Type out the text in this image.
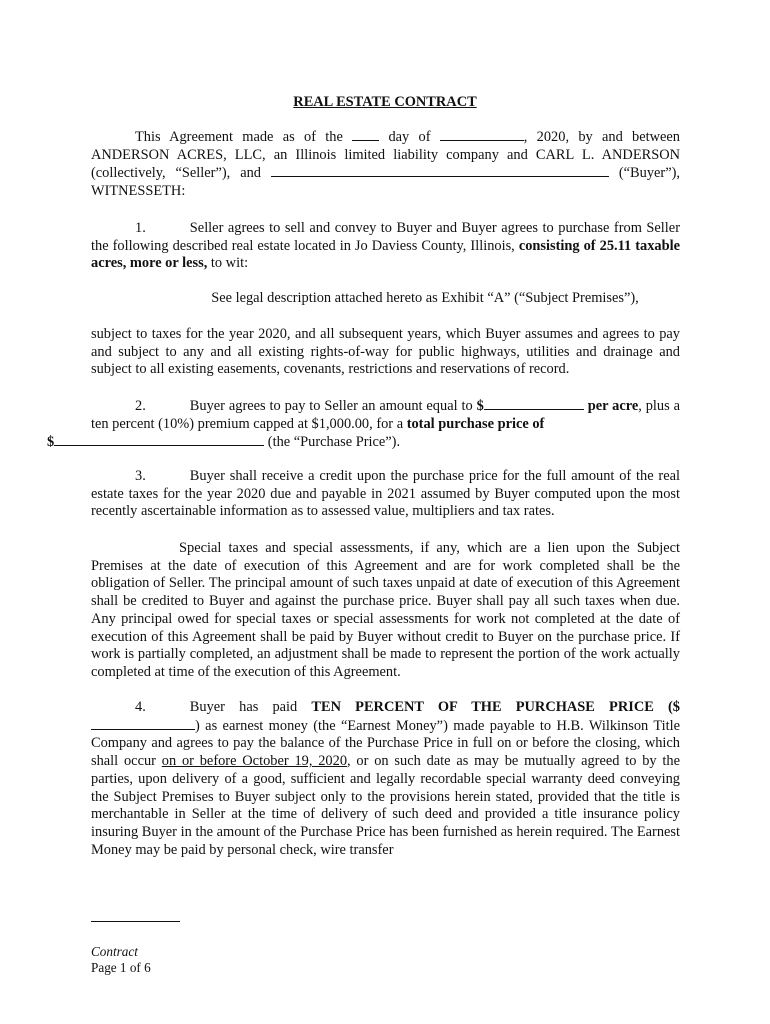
REAL ESTATE CONTRACT
This Agreement made as of the  day of	, 2020, by and between ANDERSON ACRES, LLC, an Illinois limited liability company and CARL L. ANDERSON (collectively, “Seller”), and	(“Buyer”), WITNESSETH:
1.	Seller agrees to sell and convey to Buyer and Buyer agrees to purchase from Seller the following described real estate located in Jo Daviess County, Illinois, consisting of 25.11 taxable acres, more or less, to wit:
See legal description attached hereto as Exhibit “A” (“Subject Premises”),
subject to taxes for the year 2020, and all subsequent years, which Buyer assumes and agrees to pay and subject to any and all existing rights-of-way for public highways, utilities and drainage and subject to all existing easements, covenants, restrictions and reservations of record.
2.	Buyer agrees to pay to Seller an amount equal to $	per acre, plus a ten percent (10%) premium capped at $1,000.00, for a total purchase price of
$	(the “Purchase Price”).
3.	Buyer shall receive a credit upon the purchase price for the full amount of the real estate taxes for the year 2020 due and payable in 2021 assumed by Buyer computed upon the most recently ascertainable information as to assessed value, multipliers and tax rates.
Special taxes and special assessments, if any, which are a lien upon the Subject Premises at the date of execution of this Agreement and are for work completed shall be the obligation of Seller. The principal amount of such taxes unpaid at date of execution of this Agreement shall be credited to Buyer and against the purchase price. Buyer shall pay all such taxes when due. Any principal owed for special taxes or special assessments for work not completed at the date of execution of this Agreement shall be paid by Buyer without credit to Buyer on the purchase price. If work is partially completed, an adjustment shall be made to represent the portion of the work actually completed at time of the execution of this Agreement.
4.	Buyer has paid TEN PERCENT OF THE PURCHASE PRICE ($) as earnest money (the “Earnest Money”) made payable to H.B. Wilkinson Title Company and agrees to pay the balance of the Purchase Price in full on or before the closing, which shall occur on or before October 19, 2020, or on such date as may be mutually agreed to by the parties, upon delivery of a good, sufficient and legally recordable special warranty deed conveying the Subject Premises to Buyer subject only to the provisions herein stated, provided that the title is merchantable in Seller at the time of delivery of such deed and provided a title insurance policy insuring Buyer in the amount of the Purchase Price has been furnished as herein required. The Earnest Money may be paid by personal check, wire transfer
Contract
Page 1 of 6
